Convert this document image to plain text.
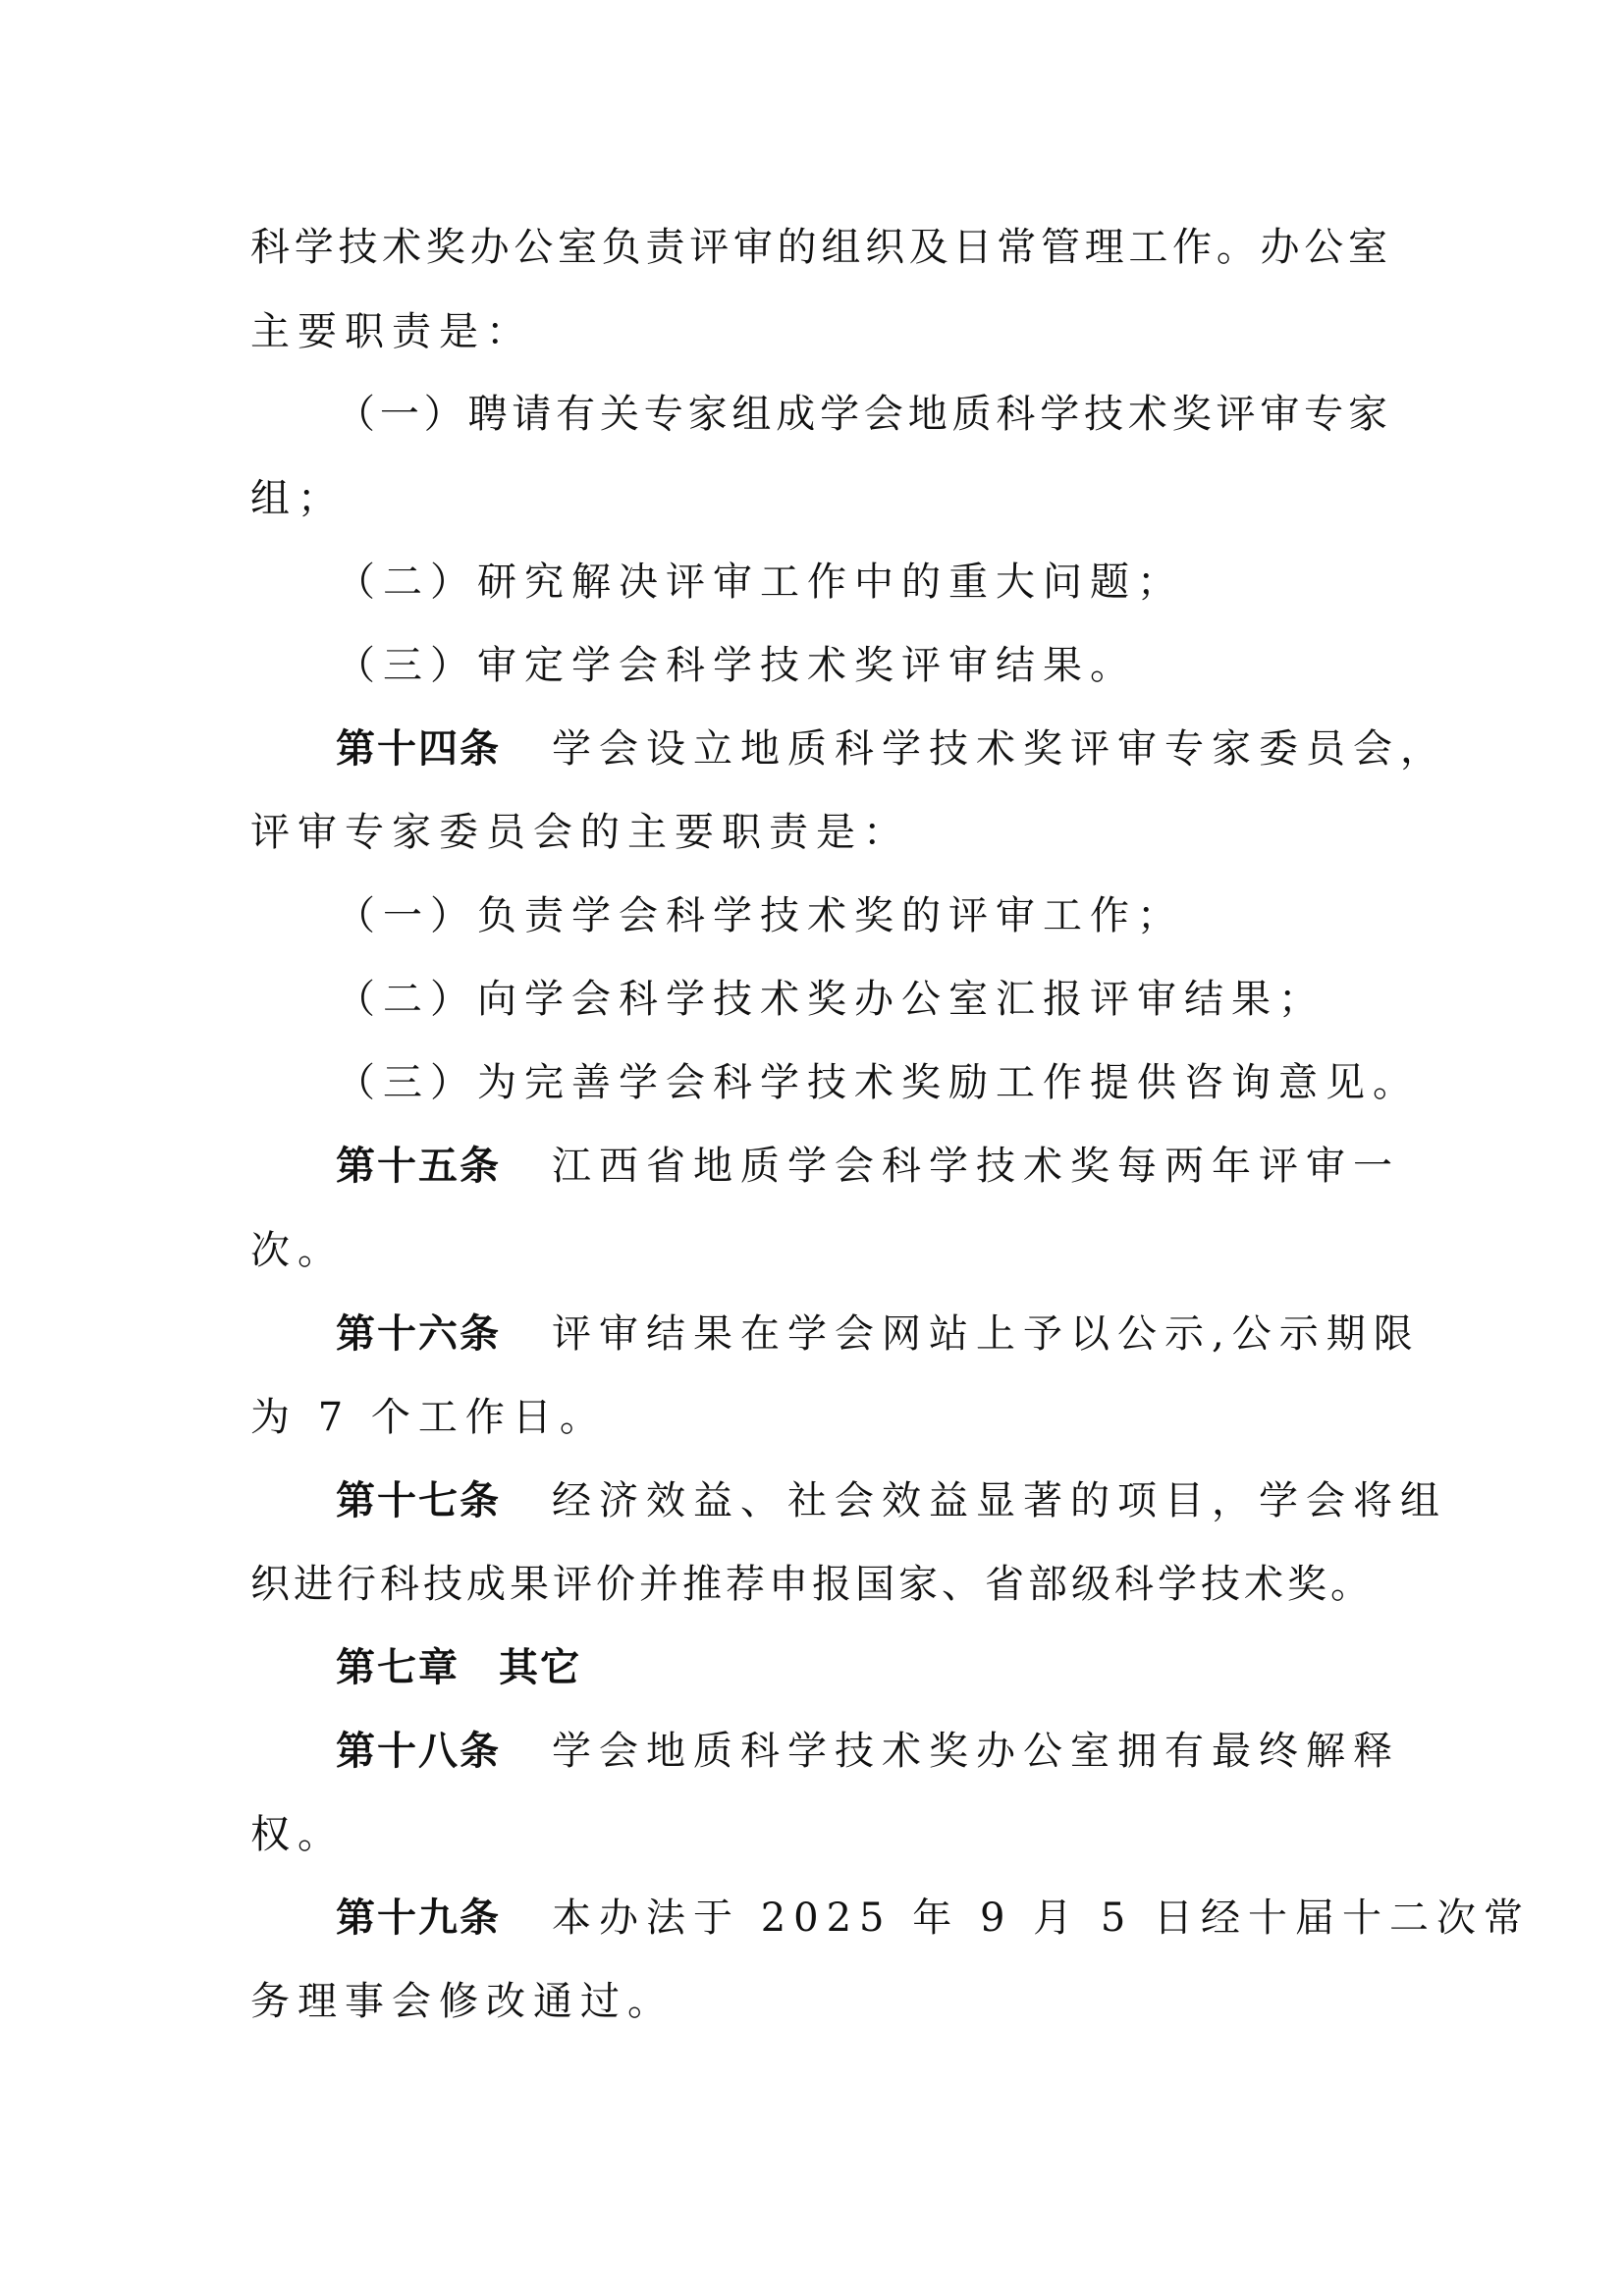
科学技术奖办公室负责评审的组织及日常管理工作。办公室
主要职责是：
（一）聘请有关专家组成学会地质科学技术奖评审专家
组；
（二）研究解决评审工作中的重大问题；
（三）审定学会科学技术奖评审结果。
第十四条 学会设立地质科学技术奖评审专家委员会，
评审专家委员会的主要职责是：
（一）负责学会科学技术奖的评审工作；
（二）向学会科学技术奖办公室汇报评审结果；
（三）为完善学会科学技术奖励工作提供咨询意见。
第十五条 江西省地质学会科学技术奖每两年评审一
次。
第十六条 评审结果在学会网站上予以公示,公示期限
为 7 个工作日。
第十七条 经济效益、社会效益显著的项目，学会将组
织进行科技成果评价并推荐申报国家、省部级科学技术奖。
第七章 其它
第十八条 学会地质科学技术奖办公室拥有最终解释
权。
第十九条 本办法于 2025 年 9 月 5 日经十届十二次常
务理事会修改通过。
